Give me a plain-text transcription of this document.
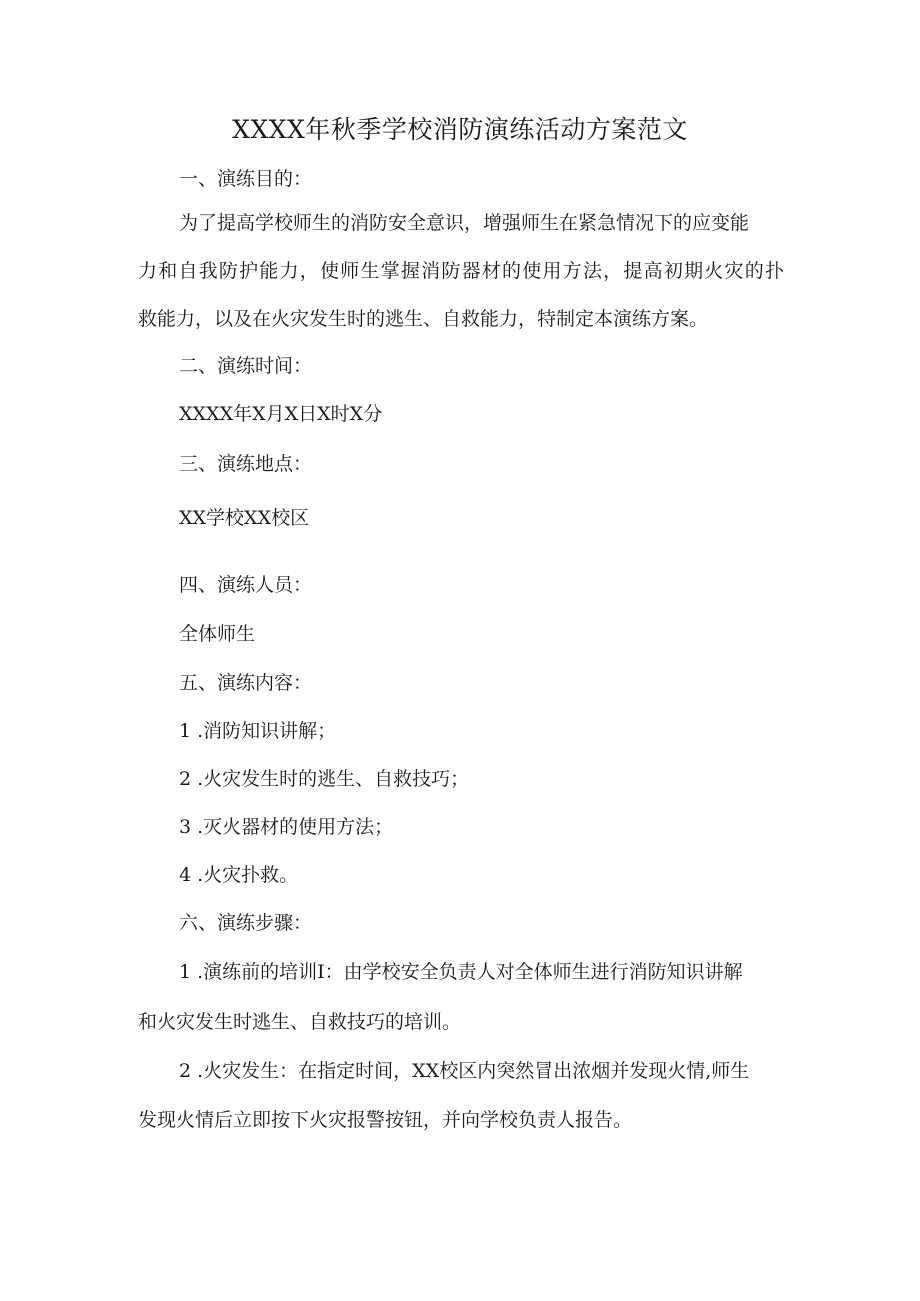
XXXX年秋季学校消防演练活动方案范文
一、演练目的：
为了提高学校师生的消防安全意识，增强师生在紧急情况下的应变能
力和自我防护能力，使师生掌握消防器材的使用方法，提高初期火灾的扑
救能力，以及在火灾发生时的逃生、自救能力，特制定本演练方案。
二、演练时间：
XXXX年X月X日X时X分
三、演练地点：
XX学校XX校区
四、演练人员：
全体师生
五、演练内容：
1 .消防知识讲解；
2 .火灾发生时的逃生、自救技巧；
3 .灭火器材的使用方法；
4 .火灾扑救。
六、演练步骤：
1 .演练前的培训I：由学校安全负责人对全体师生进行消防知识讲解
和火灾发生时逃生、自救技巧的培训。
2 .火灾发生：在指定时间，XX校区内突然冒出浓烟并发现火情,师生
发现火情后立即按下火灾报警按钮，并向学校负责人报告。
